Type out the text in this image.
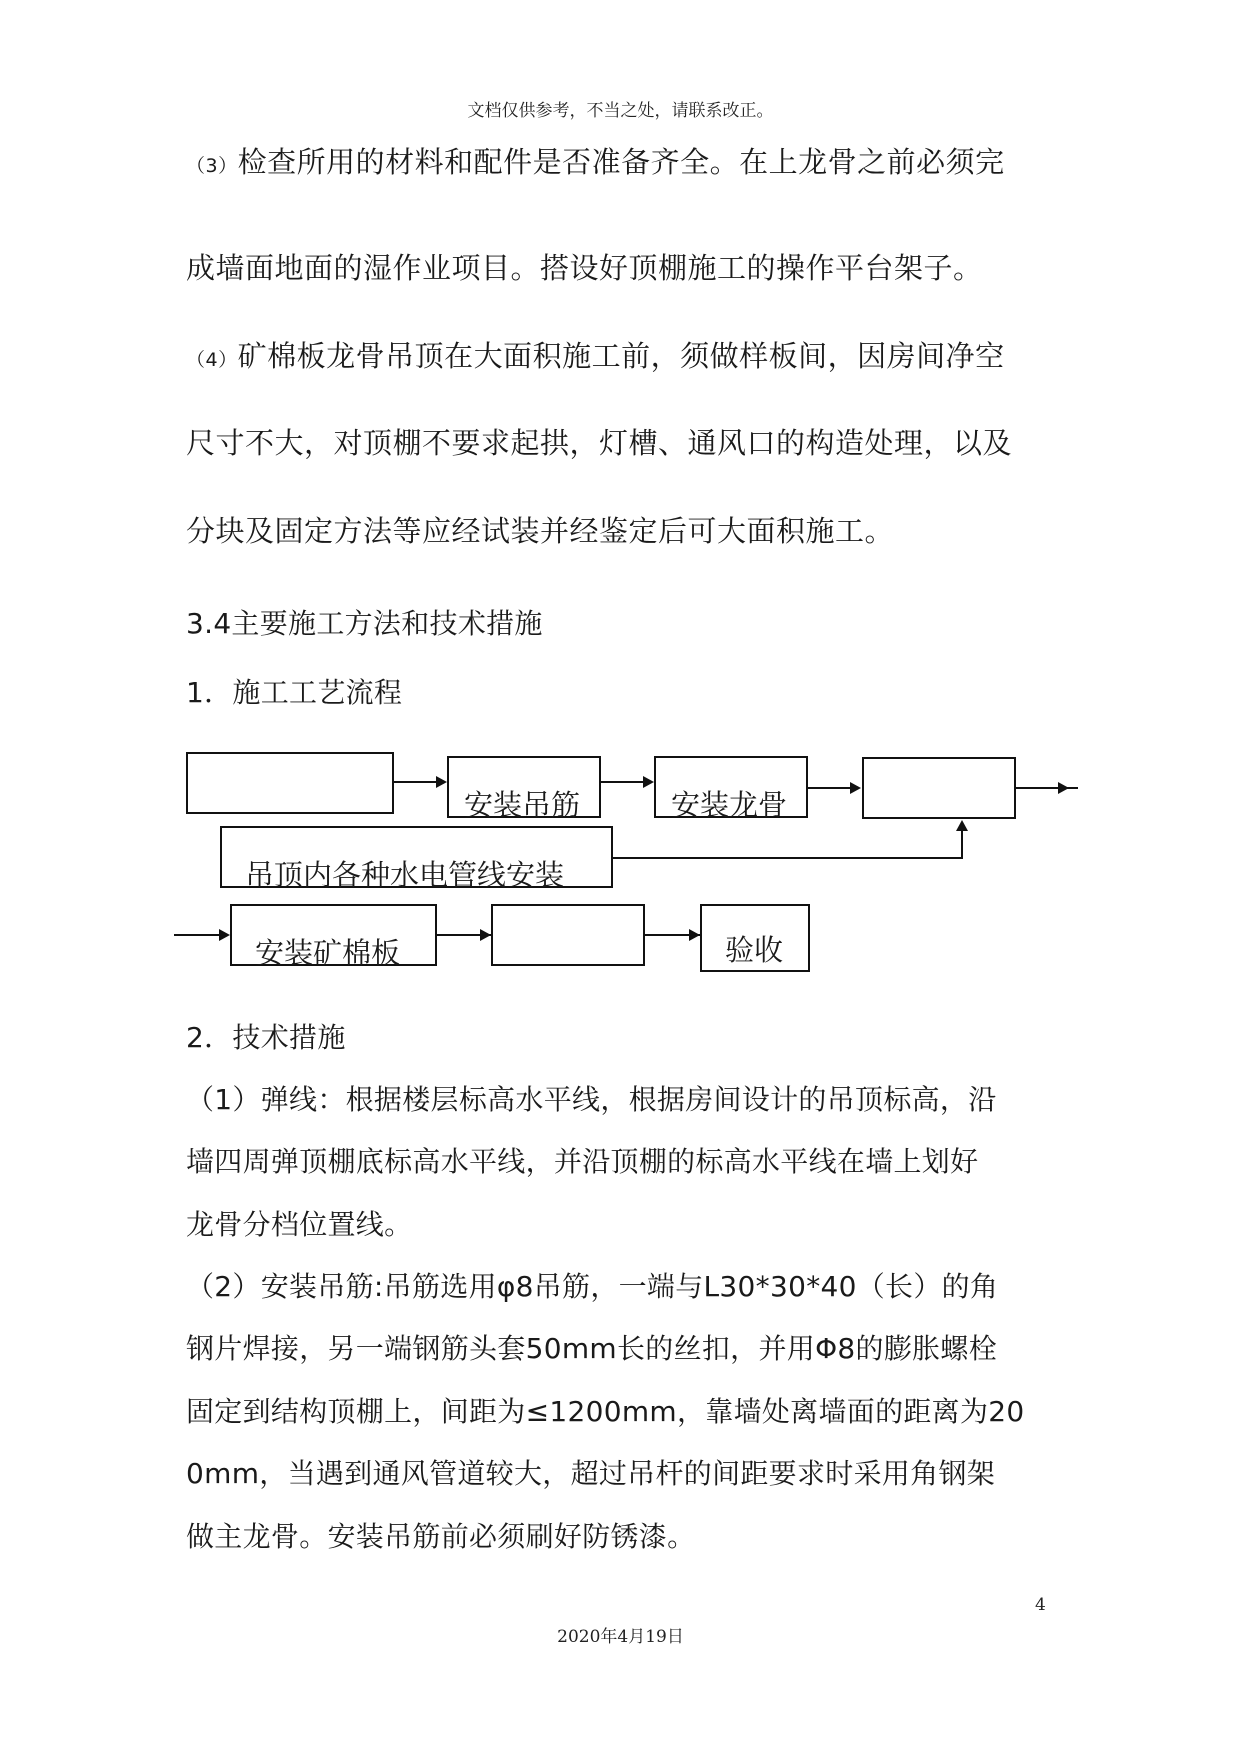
文档仅供参考，不当之处，请联系改正。
（3）检查所用的材料和配件是否准备齐全。在上龙骨之前必须完
成墙面地面的湿作业项目。搭设好顶棚施工的操作平台架子。
（4）矿棉板龙骨吊顶在大面积施工前，须做样板间，因房间净空
尺寸不大，对顶棚不要求起拱，灯槽、通风口的构造处理，以及
分块及固定方法等应经试装并经鉴定后可大面积施工。
3.4主要施工方法和技术措施
1．施工工艺流程
安装吊筋	安装龙骨
吊顶内各种水电管线安装
安装矿棉板	验收
2．技术措施
（1）弹线：根据楼层标高水平线，根据房间设计的吊顶标高，沿
墙四周弹顶棚底标高水平线，并沿顶棚的标高水平线在墙上划好
龙骨分档位置线。
（2）安装吊筋:吊筋选用φ8吊筋，一端与L30*30*40（长）的角
钢片焊接，另一端钢筋头套50mm长的丝扣，并用Φ8的膨胀螺栓
固定到结构顶棚上，间距为≤1200mm，靠墙处离墙面的距离为20
0mm，当遇到通风管道较大，超过吊杆的间距要求时采用角钢架
做主龙骨。安装吊筋前必须刷好防锈漆。
4
2020年4月19日
